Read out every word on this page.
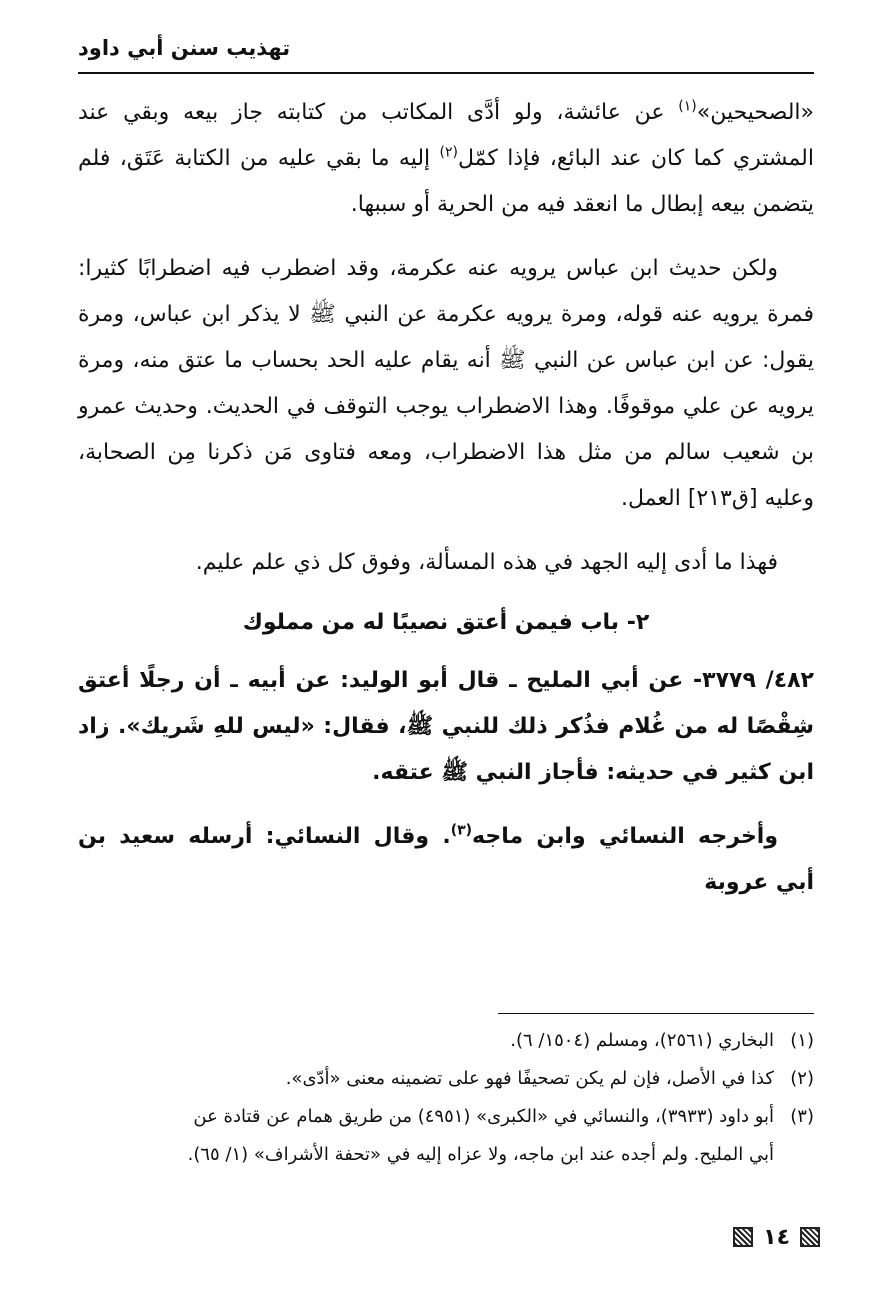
تهذيب سنن أبي داود

«الصحيحين»$^{(١)}$ عن عائشة، ولو أدَّى المكاتب من كتابته جاز بيعه وبقي عند المشتري كما كان عند البائع، فإذا كمّل$^{(٢)}$ إليه ما بقي عليه من الكتابة عَتَق، فلم يتضمن بيعه إبطال ما انعقد فيه من الحرية أو سببها.

ولكن حديث ابن عباس يرويه عنه عكرمة، وقد اضطرب فيه اضطرابًا كثيرا: فمرة يرويه عنه قوله، ومرة يرويه عكرمة عن النبي ﷺ لا يذكر ابن عباس، ومرة يقول: عن ابن عباس عن النبي ﷺ أنه يقام عليه الحد بحساب ما عتق منه، ومرة يرويه عن علي موقوفًا. وهذا الاضطراب يوجب التوقف في الحديث. وحديث عمرو بن شعيب سالم من مثل هذا الاضطراب، ومعه فتاوى مَن ذكرنا مِن الصحابة، وعليه [ق٢١٣] العمل.

فهذا ما أدى إليه الجهد في هذه المسألة، وفوق كل ذي علم عليم.

٢- باب فيمن أعتق نصيبًا له من مملوك

٤٨٢/ ٣٧٧٩- عن أبي المليح ـ قال أبو الوليد: عن أبيه ـ أن رجلًا أعتق شِقْصًا له من غُلام فذُكر ذلك للنبي ﷺ، فقال: «ليس للهِ شَريك». زاد ابن كثير في حديثه: فأجاز النبي ﷺ عتقه.

وأخرجه النسائي وابن ماجه$^{(٣)}$. وقال النسائي: أرسله سعيد بن أبي عروبة

(١)البخاري (٢٥٦١)، ومسلم (١٥٠٤/ ٦).

(٢)كذا في الأصل، فإن لم يكن تصحيفًا فهو على تضمينه معنى «أدّى».

(٣)أبو داود (٣٩٣٣)، والنسائي في «الكبرى» (٤٩٥١) من طريق همام عن قتادة عن

أبي المليح. ولم أجده عند ابن ماجه، ولا عزاه إليه في «تحفة الأشراف» (١/ ٦٥).

١٤
